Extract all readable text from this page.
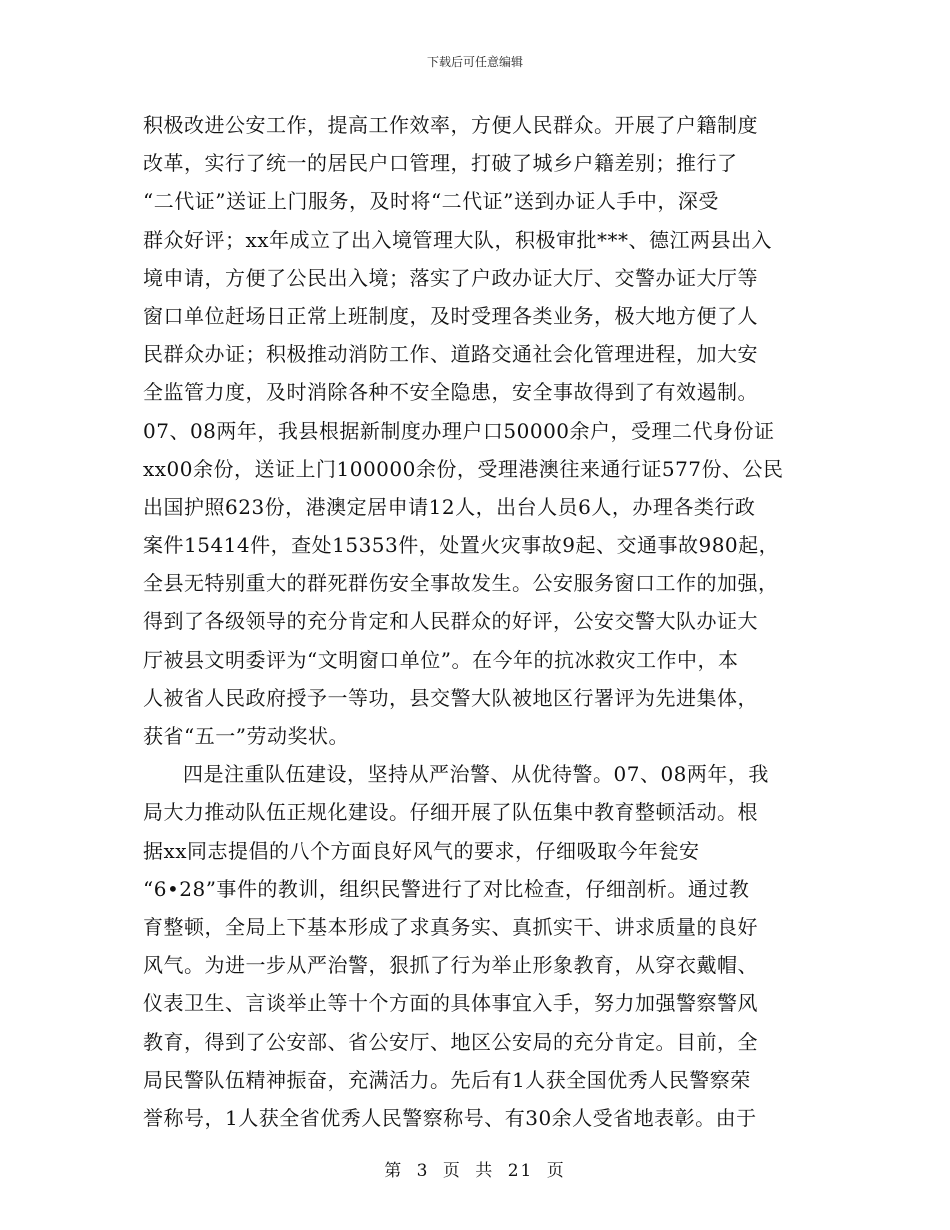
下载后可任意编辑
积极改进公安工作，提高工作效率，方便人民群众。开展了户籍制度
改革，实行了统一的居民户口管理，打破了城乡户籍差别；推行了
“二代证”送证上门服务，及时将“二代证”送到办证人手中，深受
群众好评；xx年成立了出入境管理大队，积极审批***、德江两县出入
境申请，方便了公民出入境；落实了户政办证大厅、交警办证大厅等
窗口单位赶场日正常上班制度，及时受理各类业务，极大地方便了人
民群众办证；积极推动消防工作、道路交通社会化管理进程，加大安
全监管力度，及时消除各种不安全隐患，安全事故得到了有效遏制。
07、08两年，我县根据新制度办理户口50000余户，受理二代身份证
xx00余份，送证上门100000余份，受理港澳往来通行证577份、公民
出国护照623份，港澳定居申请12人，出台人员6人，办理各类行政
案件15414件，查处15353件，处置火灾事故9起、交通事故980起，
全县无特别重大的群死群伤安全事故发生。公安服务窗口工作的加强，
得到了各级领导的充分肯定和人民群众的好评，公安交警大队办证大
厅被县文明委评为“文明窗口单位”。在今年的抗冰救灾工作中，本
人被省人民政府授予一等功，县交警大队被地区行署评为先进集体，
获省“五一”劳动奖状。
四是注重队伍建设，坚持从严治警、从优待警。07、08两年，我
局大力推动队伍正规化建设。仔细开展了队伍集中教育整顿活动。根
据xx同志提倡的八个方面良好风气的要求，仔细吸取今年瓮安
“6•28”事件的教训，组织民警进行了对比检查，仔细剖析。通过教
育整顿，全局上下基本形成了求真务实、真抓实干、讲求质量的良好
风气。为进一步从严治警，狠抓了行为举止形象教育，从穿衣戴帽、
仪表卫生、言谈举止等十个方面的具体事宜入手，努力加强警察警风
教育，得到了公安部、省公安厅、地区公安局的充分肯定。目前，全
局民警队伍精神振奋，充满活力。先后有1人获全国优秀人民警察荣
誉称号，1人获全省优秀人民警察称号、有30余人受省地表彰。由于
第 3 页 共 21 页
